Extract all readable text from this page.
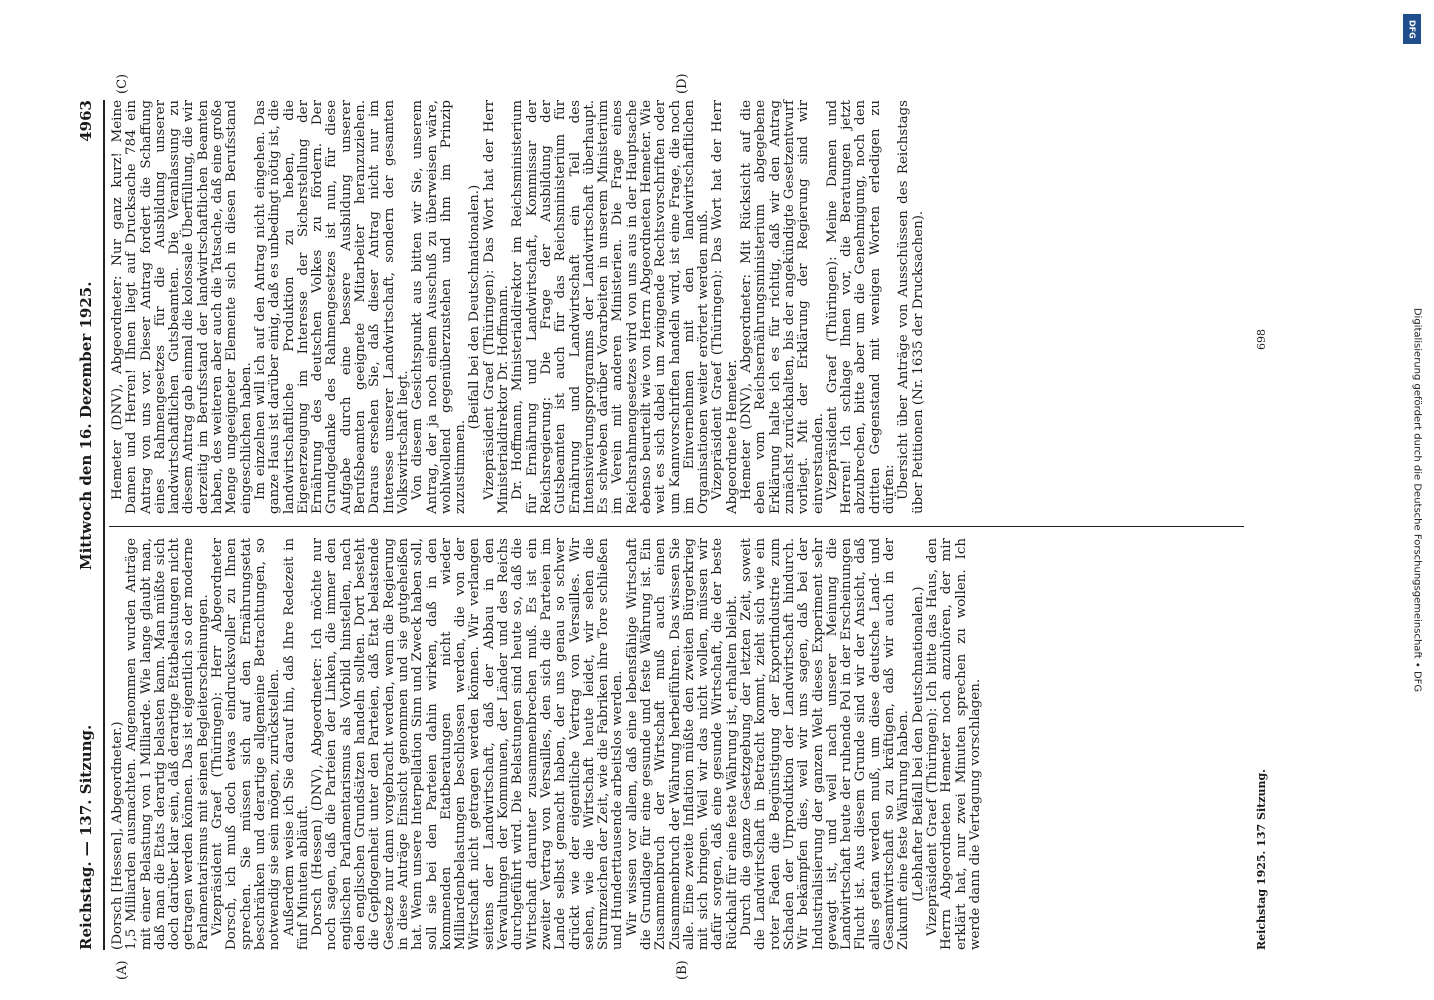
DFG
Digitalisierung gefördert durch die Deutsche Forschungsgemeinschaft • DFG
Reichstag. — 137. Sitzung.
Mittwoch den 16. Dezember 1925.
4963
(A)	(B)
(C)	(D)

(Dorsch [Hessen], Abgeordneter.) 1,5 Milliarden ausmachten. Angenommen wurden Anträge mit einer Belastung von 1 Milliarde. Wie lange glaubt man, daß man die Etats derartig belasten kann. Man müßte sich doch darüber klar sein, daß derartige Etatbelastungen nicht getragen werden können. Das ist eigentlich so der moderne Parlamentarismus mit seinen Begleiterscheinungen. Vizepräsident Graef (Thüringen): Herr Abgeordneter Dorsch, ich muß doch etwas eindrucksvoller zu Ihnen sprechen. Sie müssen sich auf den Ernährungsetat beschränken und derartige allgemeine Betrachtungen, so notwendig sie sein mögen, zurückstellen. Außerdem weise ich Sie darauf hin, daß Ihre Redezeit in fünf Minuten abläuft. Dorsch (Hessen) (DNV), Abgeordneter: Ich möchte nur noch sagen, daß die Parteien der Linken, die immer den englischen Parlamentarismus als Vorbild hinstellen, nach den englischen Grundsätzen handeln sollten. Dort besteht die Gepflogenheit unter den Parteien, daß Etat belastende Gesetze nur dann vorgebracht werden, wenn die Regierung in diese Anträge Einsicht genommen und sie gutgeheißen hat. Wenn unsere Interpellation Sinn und Zweck haben soll, soll sie bei den Parteien dahin wirken, daß in den kommenden Etatberatungen nicht wieder Milliardenbelastungen beschlossen werden, die von der Wirtschaft nicht getragen werden können. Wir verlangen seitens der Landwirtschaft, daß der Abbau in den Verwaltungen der Kommunen, der Länder und des Reichs durchgeführt wird. Die Belastungen sind heute so, daß die Wirtschaft darunter zusammenbrechen muß. Es ist ein zweiter Vertrag von Versailles, den sich die Parteien im Lande selbst gemacht haben, der uns genau so schwer drückt wie der eigentliche Vertrag von Versailles. Wir sehen, wie die Wirtschaft heute leidet, wir sehen die Sturmzeichen der Zeit, wie die Fabriken ihre Tore schließen und Hunderttausende arbeitslos werden. Wir wissen vor allem, daß eine lebensfähige Wirtschaft die Grundlage für eine gesunde und feste Währung ist. Ein Zusammenbruch der Wirtschaft muß auch einen Zusammenbruch der Währung herbeiführen. Das wissen Sie alle. Eine zweite Inflation müßte den zweiten Bürgerkrieg mit sich bringen. Weil wir das nicht wollen, müssen wir dafür sorgen, daß eine gesunde Wirtschaft, die der beste Rückhalt für eine feste Währung ist, erhalten bleibt. Durch die ganze Gesetzgebung der letzten Zeit, soweit die Landwirtschaft in Betracht kommt, zieht sich wie ein roter Faden die Begünstigung der Exportindustrie zum Schaden der Urproduktion der Landwirtschaft hindurch. Wir bekämpfen dies, weil wir uns sagen, daß bei der Industrialisierung der ganzen Welt dieses Experiment sehr gewagt ist, und weil nach unserer Meinung die Landwirtschaft heute der ruhende Pol in der Erscheinungen Flucht ist. Aus diesem Grunde sind wir der Ansicht, daß alles getan werden muß, um diese deutsche Land- und Gesamtwirtschaft so zu kräftigen, daß wir auch in der Zukunft eine feste Währung haben. (Lebhafter Beifall bei den Deutschnationalen.) Vizepräsident Graef (Thüringen): Ich bitte das Haus, den Herrn Abgeordneten Hemeter noch anzuhören, der mir erklärt hat, nur zwei Minuten sprechen zu wollen. Ich werde dann die Vertagung vorschlagen.

Hemeter (DNV), Abgeordneter: Nur ganz kurz! Meine Damen und Herren! Ihnen liegt auf Drucksache 784 ein Antrag von uns vor. Dieser Antrag fordert die Schaffung eines Rahmengesetzes für die Ausbildung unserer landwirtschaftlichen Gutsbeamten. Die Veranlassung zu diesem Antrag gab einmal die kolossale Überfüllung, die wir derzeitig im Berufsstand der landwirtschaftlichen Beamten haben, des weiteren aber auch die Tatsache, daß eine große Menge ungeeigneter Elemente sich in diesen Berufsstand eingeschlichen haben. Im einzelnen will ich auf den Antrag nicht eingehen. Das ganze Haus ist darüber einig, daß es unbedingt nötig ist, die landwirtschaftliche Produktion zu heben, die Eigenerzeugung im Interesse der Sicherstellung der Ernährung des deutschen Volkes zu fördern. Der Grundgedanke des Rahmengesetzes ist nun, für diese Aufgabe durch eine bessere Ausbildung unserer Berufsbeamten geeignete Mitarbeiter heranzuziehen. Daraus ersehen Sie, daß dieser Antrag nicht nur im Interesse unserer Landwirtschaft, sondern der gesamten Volkswirtschaft liegt. Von diesem Gesichtspunkt aus bitten wir Sie, unserem Antrag, der ja noch einem Ausschuß zu überweisen wäre, wohlwollend gegenüberzustehen und ihm im Prinzip zuzustimmen.

(Beifall bei den Deutschnationalen.) Vizepräsident Graef (Thüringen): Das Wort hat der Herr Ministerialdirektor Dr. Hoffmann. Dr. Hoffmann, Ministerialdirektor im Reichsministerium für Ernährung und Landwirtschaft, Kommissar der Reichsregierung: Die Frage der Ausbildung der Gutsbeamten ist auch für das Reichsministerium für Ernährung und Landwirtschaft ein Teil des Intensivierungsprogramms der Landwirtschaft überhaupt. Es schweben darüber Vorarbeiten in unserem Ministerium im Verein mit anderen Ministerien. Die Frage eines Reichsrahmengesetzes wird von uns aus in der Hauptsache ebenso beurteilt wie von Herrn Abgeordneten Hemeter. Wie weit es sich dabei um zwingende Rechtsvorschriften oder um Kannvorschriften handeln wird, ist eine Frage, die noch im Einvernehmen mit den landwirtschaftlichen Organisationen weiter erörtert werden muß. Vizepräsident Graef (Thüringen): Das Wort hat der Herr Abgeordnete Hemeter. Hemeter (DNV), Abgeordneter: Mit Rücksicht auf die eben vom Reichsernährungsministerium abgegebene Erklärung halte ich es für richtig, daß wir den Antrag zunächst zurückhalten, bis der angekündigte Gesetzentwurf vorliegt. Mit der Erklärung der Regierung sind wir einverstanden. Vizepräsident Graef (Thüringen): Meine Damen und Herren! Ich schlage Ihnen vor, die Beratungen jetzt abzubrechen, bitte aber um die Genehmigung, noch den dritten Gegenstand mit wenigen Worten erledigen zu dürfen: Übersicht über Anträge von Ausschüssen des Reichstags über Petitionen (Nr. 1635 der Drucksachen).

Reichstag 1925. 137 Sitzung.
698
